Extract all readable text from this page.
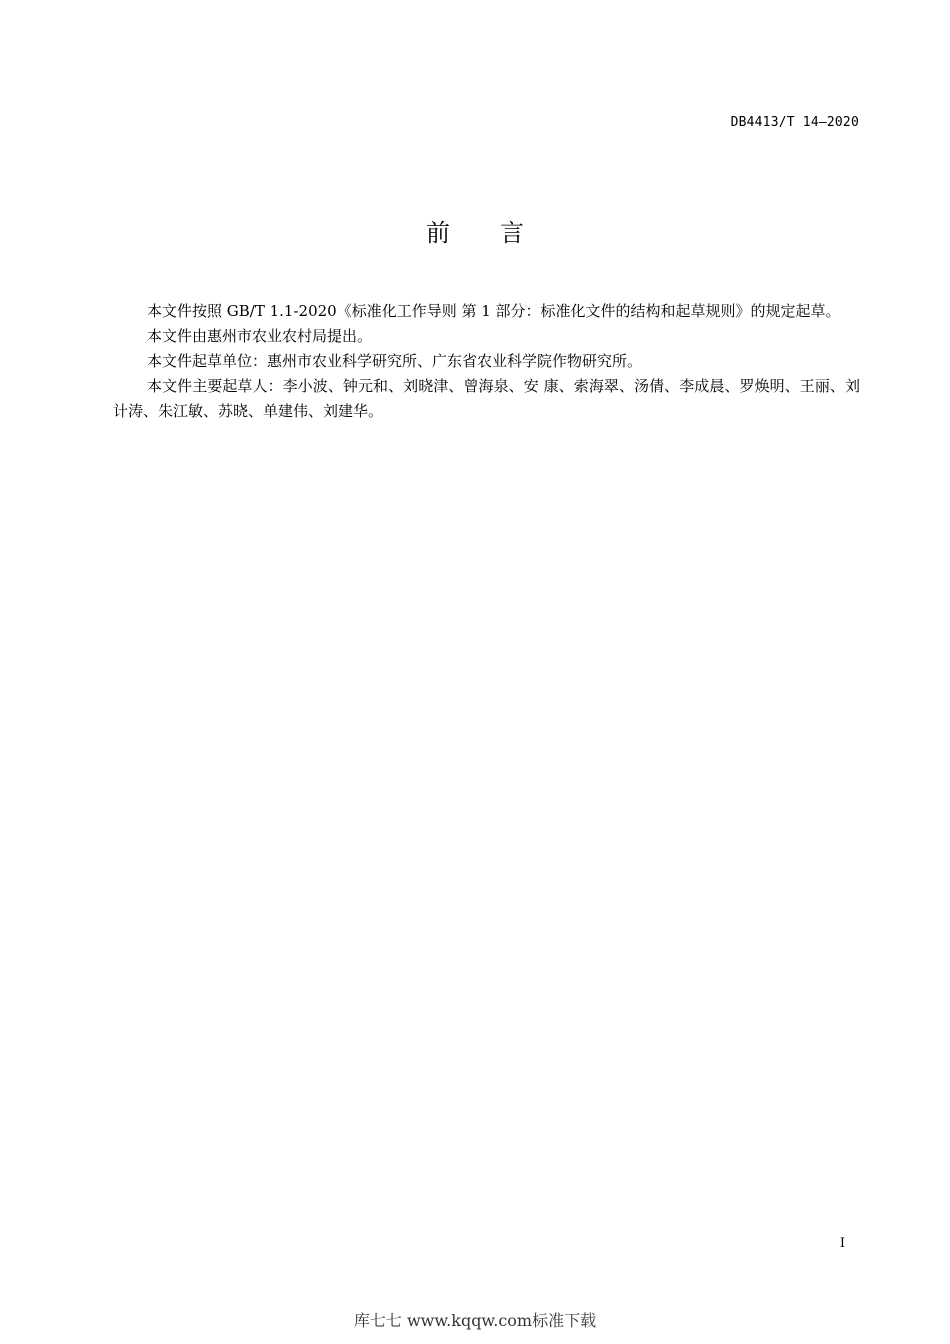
DB4413/T 14—2020
前言

本文件按照 GB/T 1.1-2020《标准化工作导则 第 1 部分：标准化文件的结构和起草规则》的规定起草。

本文件由惠州市农业农村局提出。

本文件起草单位：惠州市农业科学研究所、广东省农业科学院作物研究所。

本文件主要起草人：李小波、钟元和、刘晓津、曾海泉、安 康、索海翠、汤倩、李成晨、罗焕明、王丽、刘计涛、朱江敏、苏晓、单建伟、刘建华。

I
库七七 www.kqqw.com标准下载
